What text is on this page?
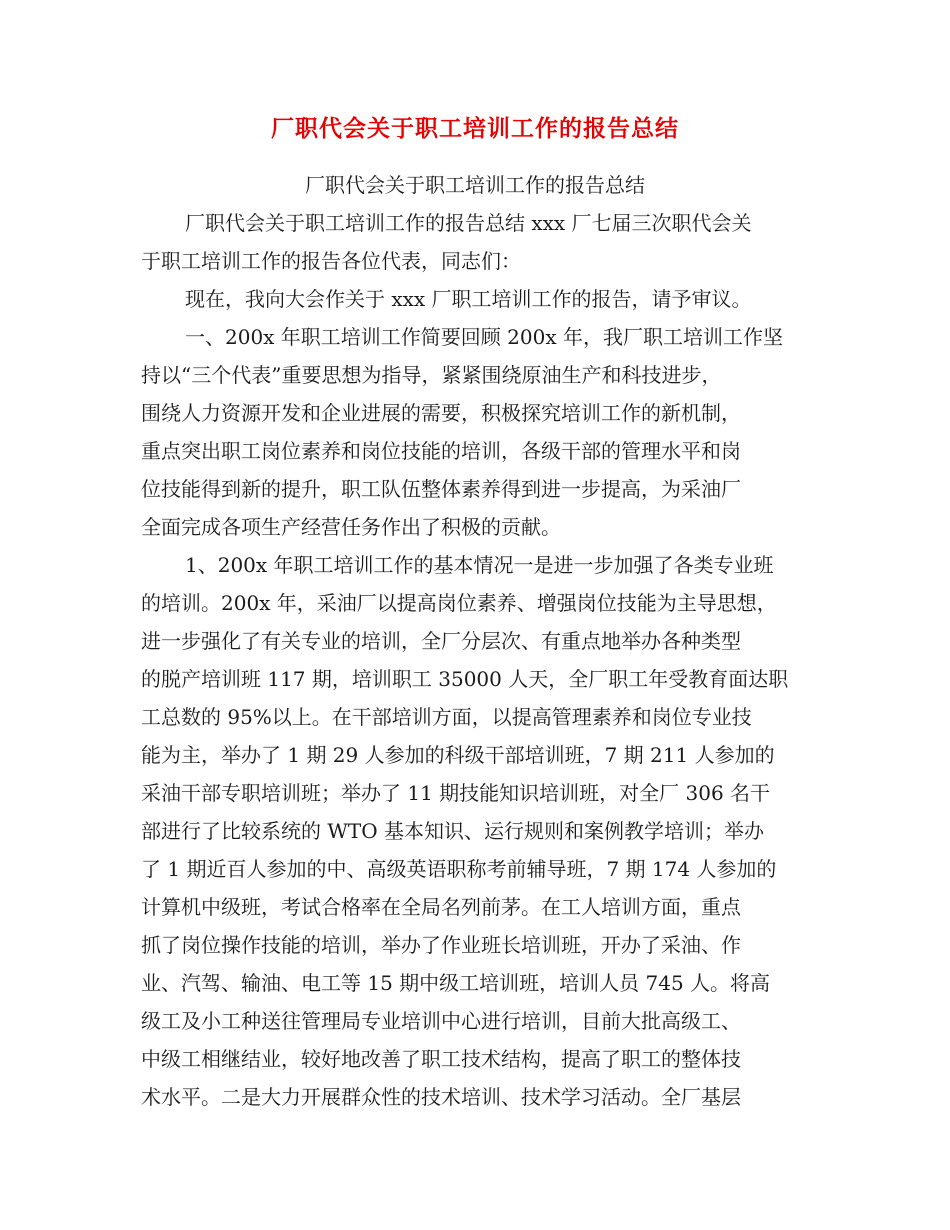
厂职代会关于职工培训工作的报告总结
厂职代会关于职工培训工作的报告总结
厂职代会关于职工培训工作的报告总结 xxx 厂七届三次职代会关
于职工培训工作的报告各位代表，同志们：
现在，我向大会作关于 xxx 厂职工培训工作的报告，请予审议。
一、200x 年职工培训工作简要回顾 200x 年，我厂职工培训工作坚
持以“三个代表”重要思想为指导，紧紧围绕原油生产和科技进步，
围绕人力资源开发和企业进展的需要，积极探究培训工作的新机制，
重点突出职工岗位素养和岗位技能的培训，各级干部的管理水平和岗
位技能得到新的提升，职工队伍整体素养得到进一步提高，为采油厂
全面完成各项生产经营任务作出了积极的贡献。
1、200x 年职工培训工作的基本情况一是进一步加强了各类专业班
的培训。200x 年，采油厂以提高岗位素养、增强岗位技能为主导思想，
进一步强化了有关专业的培训，全厂分层次、有重点地举办各种类型
的脱产培训班 117 期，培训职工 35000 人天，全厂职工年受教育面达职
工总数的 95%以上。在干部培训方面，以提高管理素养和岗位专业技
能为主，举办了 1 期 29 人参加的科级干部培训班，7 期 211 人参加的
采油干部专职培训班；举办了 11 期技能知识培训班，对全厂 306 名干
部进行了比较系统的 WTO 基本知识、运行规则和案例教学培训；举办
了 1 期近百人参加的中、高级英语职称考前辅导班，7 期 174 人参加的
计算机中级班，考试合格率在全局名列前茅。在工人培训方面，重点
抓了岗位操作技能的培训，举办了作业班长培训班，开办了采油、作
业、汽驾、输油、电工等 15 期中级工培训班，培训人员 745 人。将高
级工及小工种送往管理局专业培训中心进行培训，目前大批高级工、
中级工相继结业，较好地改善了职工技术结构，提高了职工的整体技
术水平。二是大力开展群众性的技术培训、技术学习活动。全厂基层
